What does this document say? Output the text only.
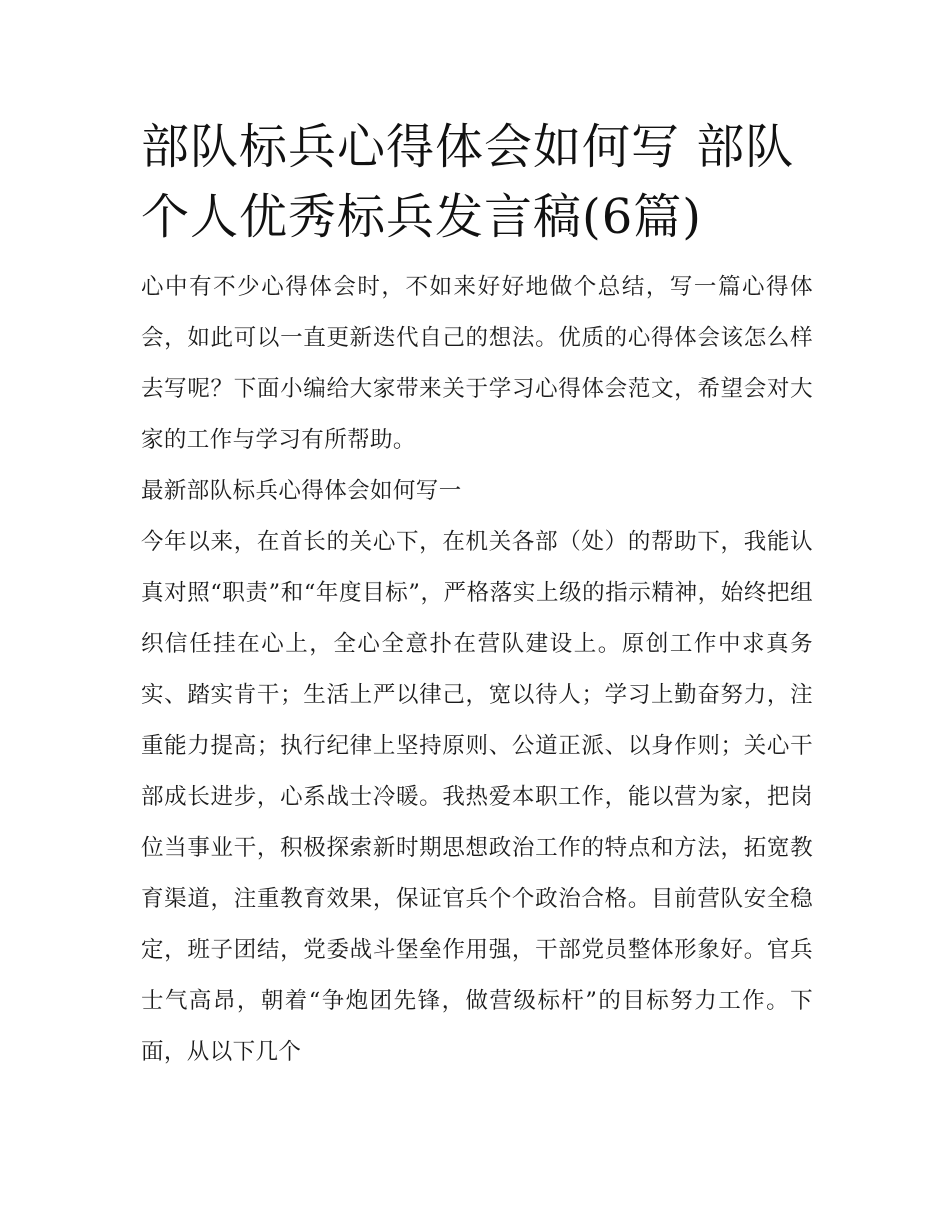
部队标兵心得体会如何写 部队个人优秀标兵发言稿(6篇)

心中有不少心得体会时，不如来好好地做个总结，写一篇心得体会，如此可以一直更新迭代自己的想法。优质的心得体会该怎么样去写呢？下面小编给大家带来关于学习心得体会范文，希望会对大家的工作与学习有所帮助。

最新部队标兵心得体会如何写一

今年以来，在首长的关心下，在机关各部（处）的帮助下，我能认真对照“职责”和“年度目标”，严格落实上级的指示精神，始终把组织信任挂在心上，全心全意扑在营队建设上。原创工作中求真务实、踏实肯干；生活上严以律己，宽以待人；学习上勤奋努力，注重能力提高；执行纪律上坚持原则、公道正派、以身作则；关心干部成长进步，心系战士冷暖。我热爱本职工作，能以营为家，把岗位当事业干，积极探索新时期思想政治工作的特点和方法，拓宽教育渠道，注重教育效果，保证官兵个个政治合格。目前营队安全稳定，班子团结，党委战斗堡垒作用强，干部党员整体形象好。官兵士气高昂，朝着“争炮团先锋，做营级标杆”的目标努力工作。下面，从以下几个
